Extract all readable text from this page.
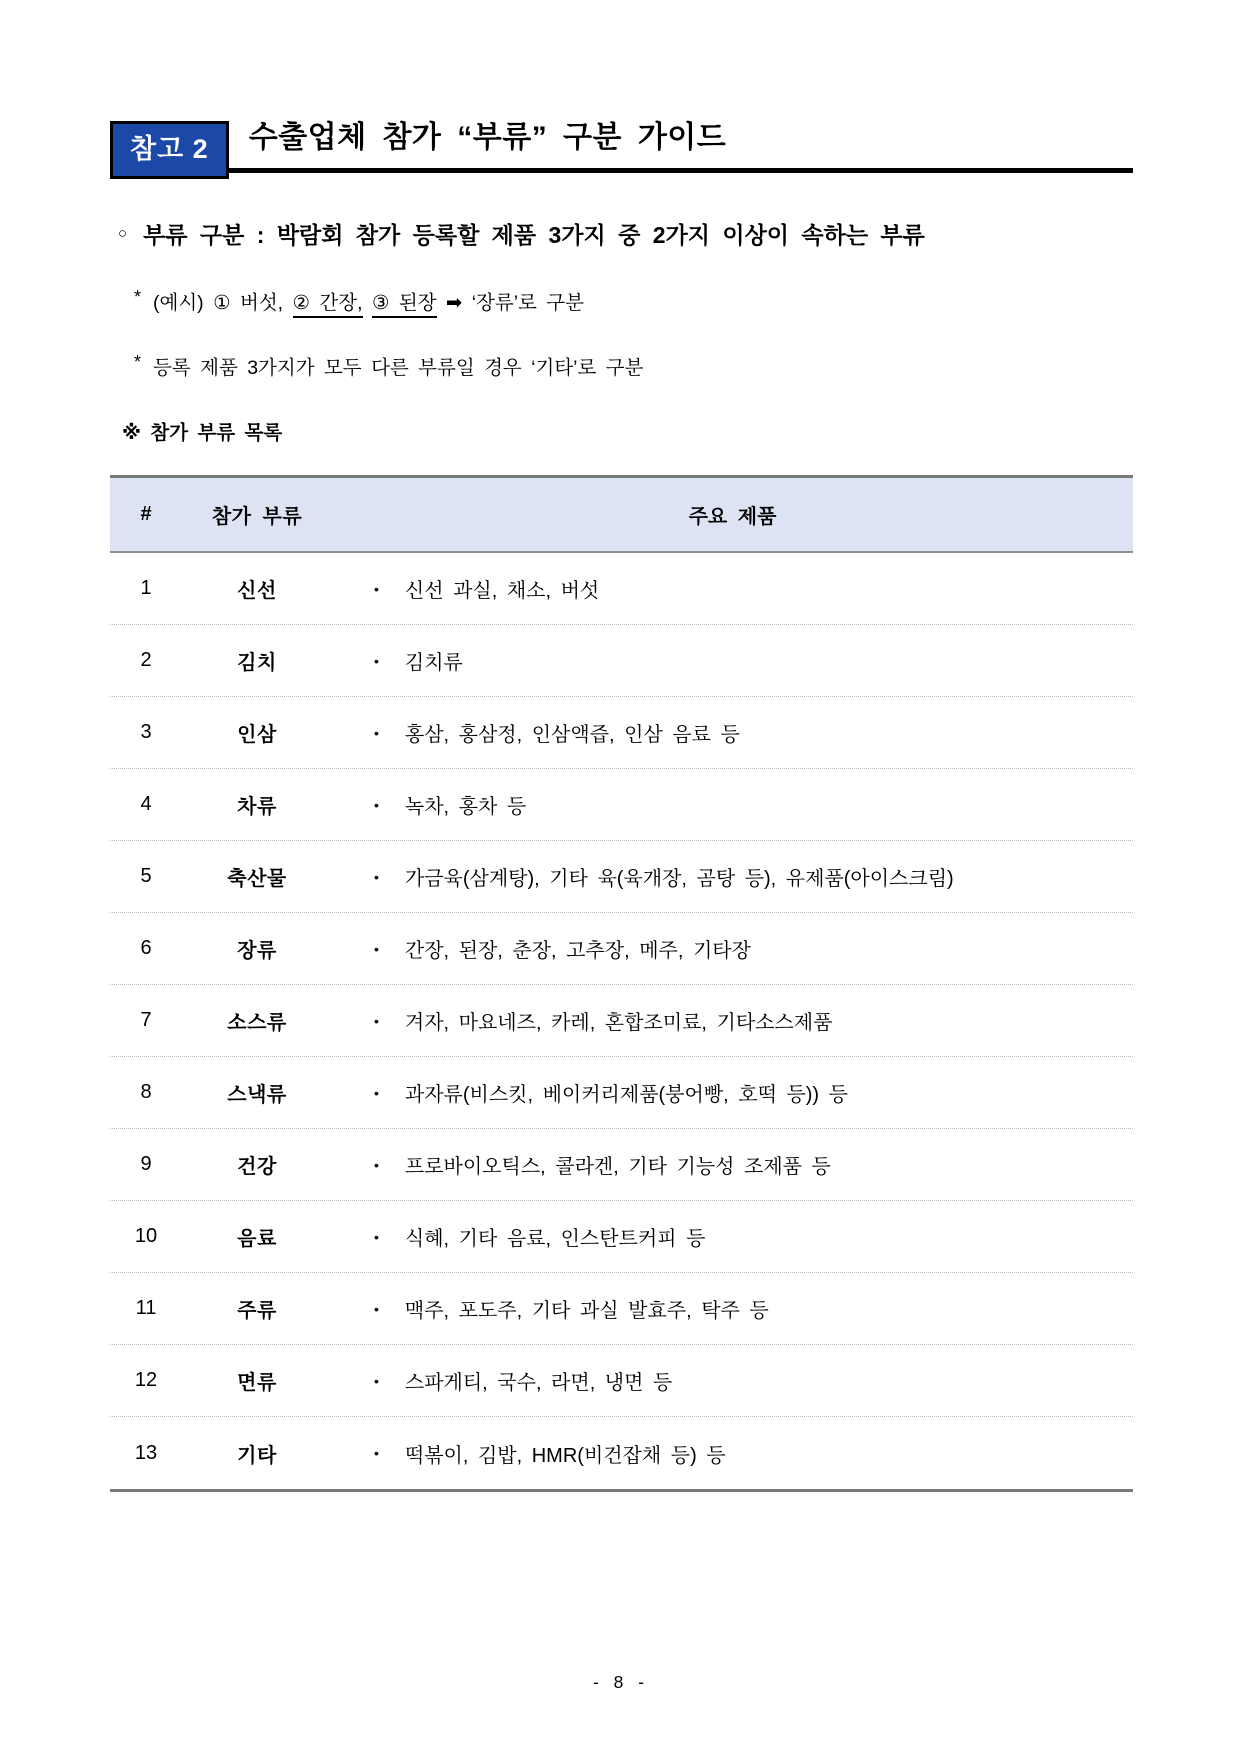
참고 2	수출업체 참가 “부류” 구분 가이드
○ 부류 구분 : 박람회 참가 등록할 제품 3가지 중 2가지 이상이 속하는 부류
* (예시) ① 버섯, ② 간장, ③ 된장 ➡ ‘장류’로 구분
* 등록 제품 3가지가 모두 다른 부류일 경우 ‘기타’로 구분
※ 참가 부류 목록
#	참가 부류	주요 제품
1	신선	• 신선 과실, 채소, 버섯
2	김치	• 김치류
3	인삼	• 홍삼, 홍삼정, 인삼액즙, 인삼 음료 등
4	차류	• 녹차, 홍차 등
5	축산물	• 가금육(삼계탕), 기타 육(육개장, 곰탕 등), 유제품(아이스크림)
6	장류	• 간장, 된장, 춘장, 고추장, 메주, 기타장
7	소스류	• 겨자, 마요네즈, 카레, 혼합조미료, 기타소스제품
8	스낵류	• 과자류(비스킷, 베이커리제품(붕어빵, 호떡 등)) 등
9	건강	• 프로바이오틱스, 콜라겐, 기타 기능성 조제품 등
10	음료	• 식혜, 기타 음료, 인스탄트커피 등
11	주류	• 맥주, 포도주, 기타 과실 발효주, 탁주 등
12	면류	• 스파게티, 국수, 라면, 냉면 등
13	기타	• 떡볶이, 김밥, HMR(비건잡채 등) 등
- 8 -
